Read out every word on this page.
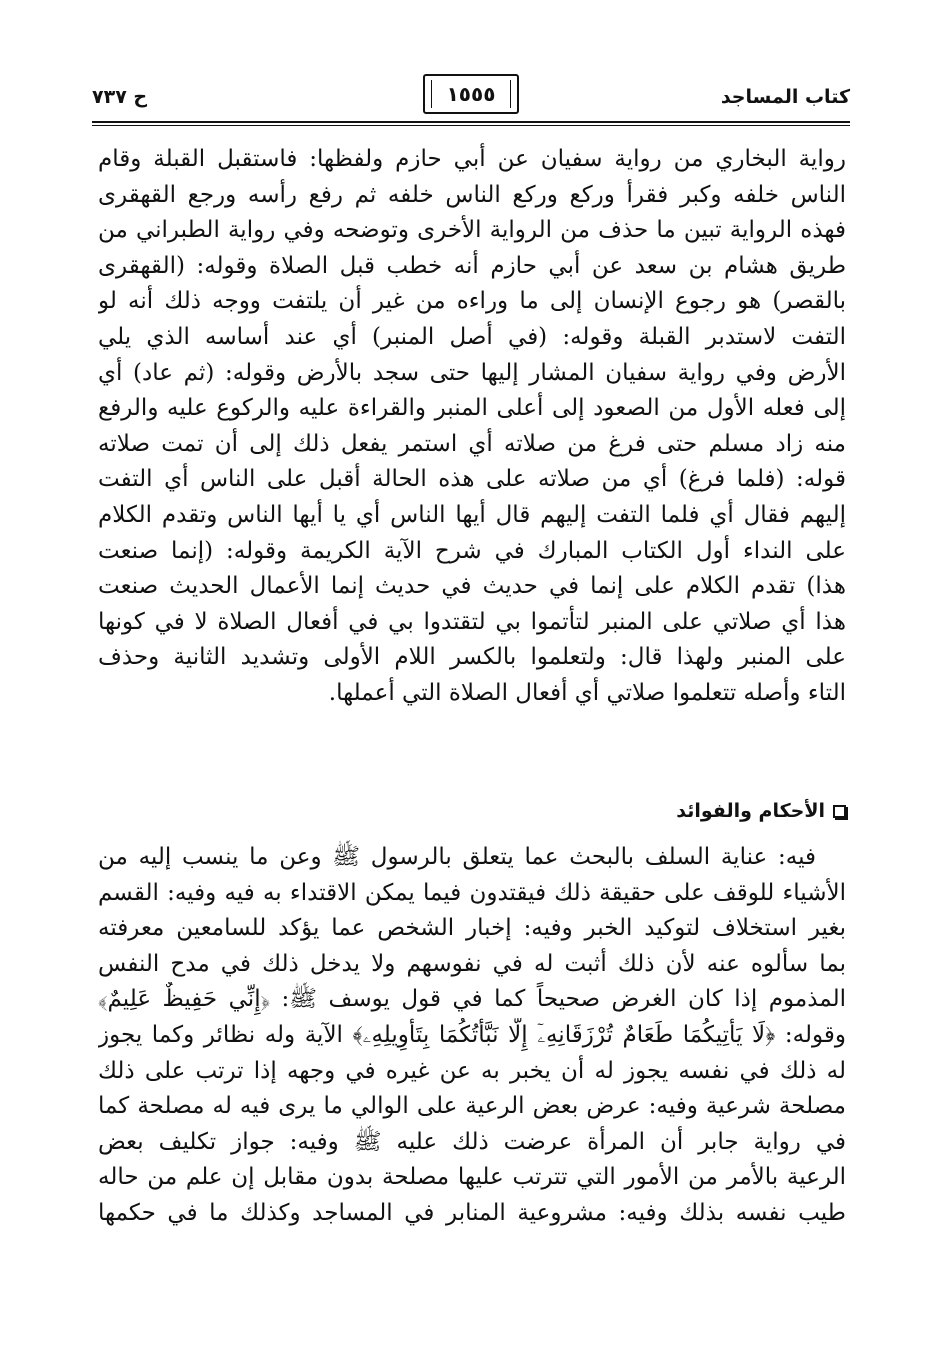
كتاب المساجد
١٥٥٥
ح ٧٣٧
رواية البخاري من رواية سفيان عن أبي حازم ولفظها: فاستقبل القبلة وقام
الناس خلفه وكبر فقرأ وركع وركع الناس خلفه ثم رفع رأسه ورجع القهقرى
فهذه الرواية تبين ما حذف من الرواية الأخرى وتوضحه وفي رواية الطبراني من
طريق هشام بن سعد عن أبي حازم أنه خطب قبل الصلاة وقوله: (القهقرى
بالقصر) هو رجوع الإنسان إلى ما وراءه من غير أن يلتفت ووجه ذلك أنه لو
التفت لاستدبر القبلة وقوله: (في أصل المنبر) أي عند أساسه الذي يلي
الأرض وفي رواية سفيان المشار إليها حتى سجد بالأرض وقوله: (ثم عاد) أي
إلى فعله الأول من الصعود إلى أعلى المنبر والقراءة عليه والركوع عليه والرفع
منه زاد مسلم حتى فرغ من صلاته أي استمر يفعل ذلك إلى أن تمت صلاته
قوله: (فلما فرغ) أي من صلاته على هذه الحالة أقبل على الناس أي التفت
إليهم فقال أي فلما التفت إليهم قال أيها الناس أي يا أيها الناس وتقدم الكلام
على النداء أول الكتاب المبارك في شرح الآية الكريمة وقوله: (إنما صنعت
هذا) تقدم الكلام على إنما في حديث في حديث إنما الأعمال الحديث صنعت
هذا أي صلاتي على المنبر لتأتموا بي لتقتدوا بي في أفعال الصلاة لا في كونها
على المنبر ولهذا قال: ولتعلموا بالكسر اللام الأولى وتشديد الثانية وحذف
التاء وأصله تتعلموا صلاتي أي أفعال الصلاة التي أعملها.
الأحكام والفوائد
فيه: عناية السلف بالبحث عما يتعلق بالرسول ﷺ وعن ما ينسب إليه من
الأشياء للوقف على حقيقة ذلك فيقتدون فيما يمكن الاقتداء به فيه وفيه: القسم
بغير استخلاف لتوكيد الخبر وفيه: إخبار الشخص عما يؤكد للسامعين معرفته
بما سألوه عنه لأن ذلك أثبت له في نفوسهم ولا يدخل ذلك في مدح النفس
المذموم إذا كان الغرض صحيحاً كما في قول يوسف ﷺ: ﴿إِنِّي حَفِيظٌ عَلِيمٌ﴾
وقوله: ﴿لَا يَأْتِيكُمَا طَعَامٌ تُرْزَقَانِهِۦٓ إِلَّا نَبَّأْتُكُمَا بِتَأْوِيلِهِۦ﴾ الآية وله نظائر وكما يجوز
له ذلك في نفسه يجوز له أن يخبر به عن غيره في وجهه إذا ترتب على ذلك
مصلحة شرعية وفيه: عرض بعض الرعية على الوالي ما يرى فيه له مصلحة كما
في رواية جابر أن المرأة عرضت ذلك عليه ﷺ وفيه: جواز تكليف بعض
الرعية بالأمر من الأمور التي تترتب عليها مصلحة بدون مقابل إن علم من حاله
طيب نفسه بذلك وفيه: مشروعية المنابر في المساجد وكذلك ما في حكمها
